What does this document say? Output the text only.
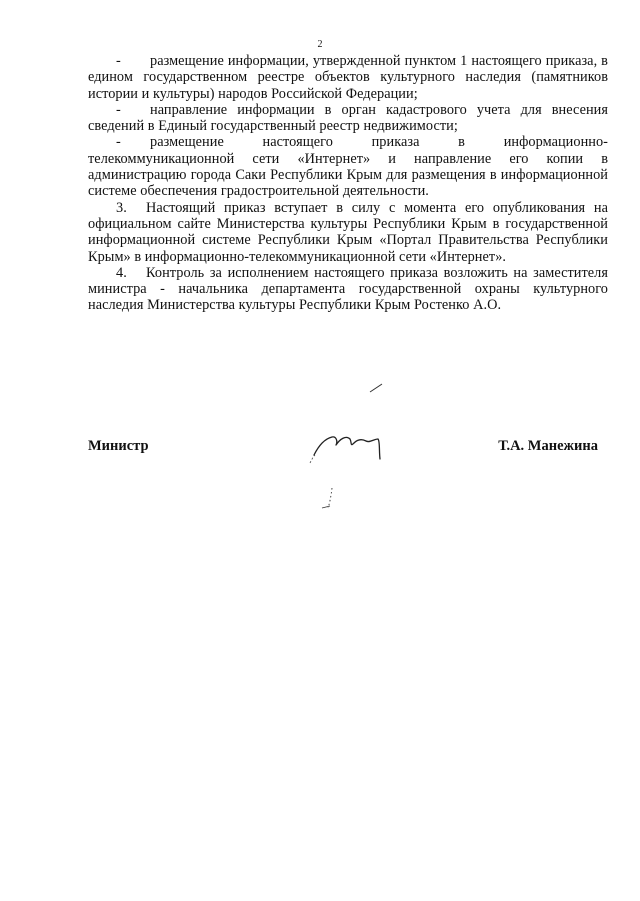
2

- размещение информации, утвержденной пунктом 1 настоящего приказа, в едином государственном реестре объектов культурного наследия (памятников истории и культуры) народов Российской Федерации;

- направление информации в орган кадастрового учета для внесения сведений в Единый государственный реестр недвижимости;

- размещение настоящего приказа в информационно-телекоммуникационной сети «Интернет» и направление его копии в администрацию города Саки Республики Крым для размещения в информационной системе обеспечения градостроительной деятельности.

3. Настоящий приказ вступает в силу с момента его опубликования на официальном сайте Министерства культуры Республики Крым в государственной информационной системе Республики Крым «Портал Правительства Республики Крым» в информационно-телекоммуникационной сети «Интернет».

4. Контроль за исполнением настоящего приказа возложить на заместителя министра - начальника департамента государственной охраны культурного наследия Министерства культуры Республики Крым Ростенко А.О.

Министр	Т.А. Манежина
